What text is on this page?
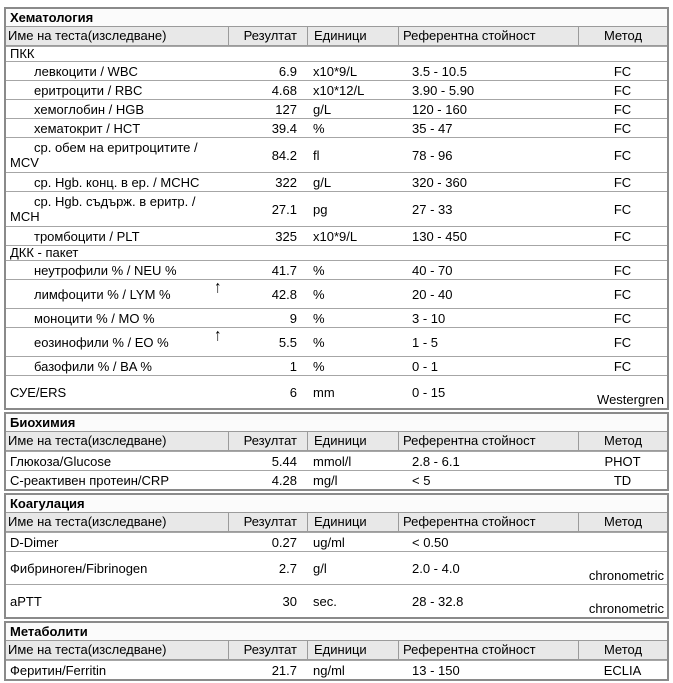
Хематология
Име на теста(изследване)	Резултат	Единици	Референтна стойност	Метод
ПКК
левкоцити / WBC	6.9	x10*9/L	3.5 - 10.5	FC
еритроцити / RBC	4.68	x10*12/L	3.90 - 5.90	FC
хемоглобин / HGB	127	g/L	120 - 160	FC
хематокрит / HCT	39.4	%	35 - 47	FC
ср. обем на еритроцитите /
MCV	84.2	fl	78 - 96	FC
ср. Hgb. конц. в ер. / MCHC	322	g/L	320 - 360	FC
ср. Hgb. съдърж. в еритр. /
MCH	27.1	pg	27 - 33	FC
тромбоцити / PLT	325	x10*9/L	130 - 450	FC
ДКК - пакет
неутрофили % / NEU %	41.7	%	40 - 70	FC
лимфоцити % / LYM %	↑	42.8	%	20 - 40	FC
моноцити % / MO %	9	%	3 - 10	FC
еозинофили % / EO %	↑	5.5	%	1 - 5	FC
базофили % / BA %	1	%	0 - 1	FC
СУЕ/ERS	6	mm	0 - 15	Westergren
Биохимия
Име на теста(изследване)	Резултат	Единици	Референтна стойност	Метод
Глюкоза/Glucose	5.44	mmol/l	2.8 - 6.1	PHOT
С-реактивен протеин/CRP	4.28	mg/l	< 5	TD
Коагулация
Име на теста(изследване)	Резултат	Единици	Референтна стойност	Метод
D-Dimer	0.27	ug/ml	< 0.50
Фибриноген/Fibrinogen	2.7	g/l	2.0 - 4.0	chronometric
aPTT	30	sec.	28 - 32.8	chronometric
Метаболити
Име на теста(изследване)	Резултат	Единици	Референтна стойност	Метод
Феритин/Ferritin	21.7	ng/ml	13 - 150	ECLIA
